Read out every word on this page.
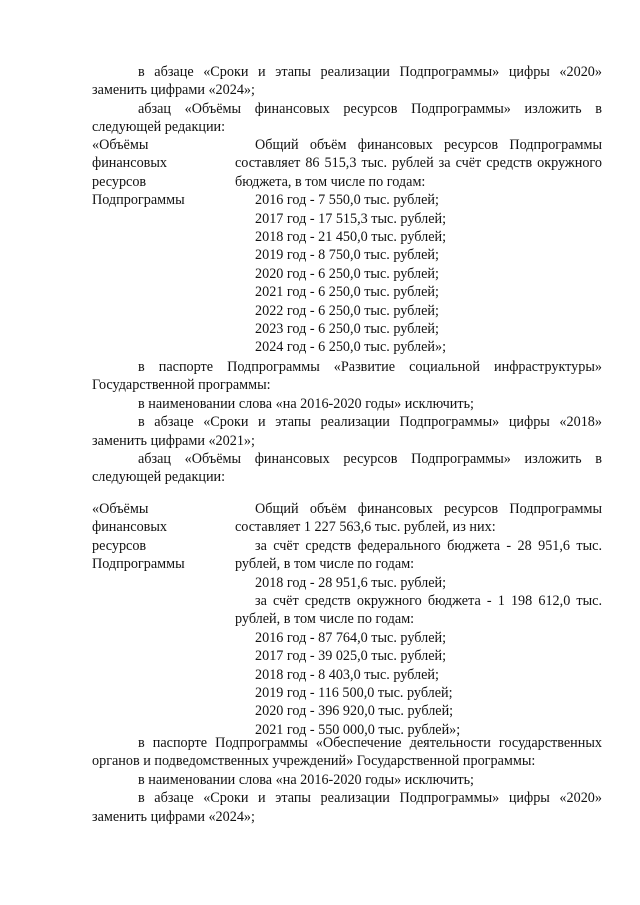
в абзаце «Сроки и этапы реализации Подпрограммы» цифры «2020» заменить цифрами «2024»;

абзац «Объёмы финансовых ресурсов Подпрограммы» изложить в следующей редакции:

«Объёмы
финансовых
ресурсов
Подпрограммы

Общий объём финансовых ресурсов Подпрограммы составляет 86 515,3 тыс. рублей за счёт средств окружного бюджета, в том числе по годам:

2016 год - 7 550,0 тыс. рублей;

2017 год - 17 515,3 тыс. рублей;

2018 год - 21 450,0 тыс. рублей;

2019 год - 8 750,0 тыс. рублей;

2020 год - 6 250,0 тыс. рублей;

2021 год - 6 250,0 тыс. рублей;

2022 год - 6 250,0 тыс. рублей;

2023 год - 6 250,0 тыс. рублей;

2024 год - 6 250,0 тыс. рублей»;

в паспорте Подпрограммы «Развитие социальной инфраструктуры» Государственной программы:

в наименовании слова «на 2016-2020 годы» исключить;

в абзаце «Сроки и этапы реализации Подпрограммы» цифры «2018» заменить цифрами «2021»;

абзац «Объёмы финансовых ресурсов Подпрограммы» изложить в следующей редакции:

«Объёмы
финансовых
ресурсов
Подпрограммы

Общий объём финансовых ресурсов Подпрограммы составляет 1 227 563,6 тыс. рублей, из них:

за счёт средств федерального бюджета - 28 951,6 тыс. рублей, в том числе по годам:

2018 год - 28 951,6 тыс. рублей;

за счёт средств окружного бюджета - 1 198 612,0 тыс. рублей, в том числе по годам:

2016 год - 87 764,0 тыс. рублей;

2017 год - 39 025,0 тыс. рублей;

2018 год - 8 403,0 тыс. рублей;

2019 год - 116 500,0 тыс. рублей;

2020 год - 396 920,0 тыс. рублей;

2021 год - 550 000,0 тыс. рублей»;

в паспорте Подпрограммы «Обеспечение деятельности государственных органов и подведомственных учреждений» Государственной программы:

в наименовании слова «на 2016-2020 годы» исключить;

в абзаце «Сроки и этапы реализации Подпрограммы» цифры «2020» заменить цифрами «2024»;
